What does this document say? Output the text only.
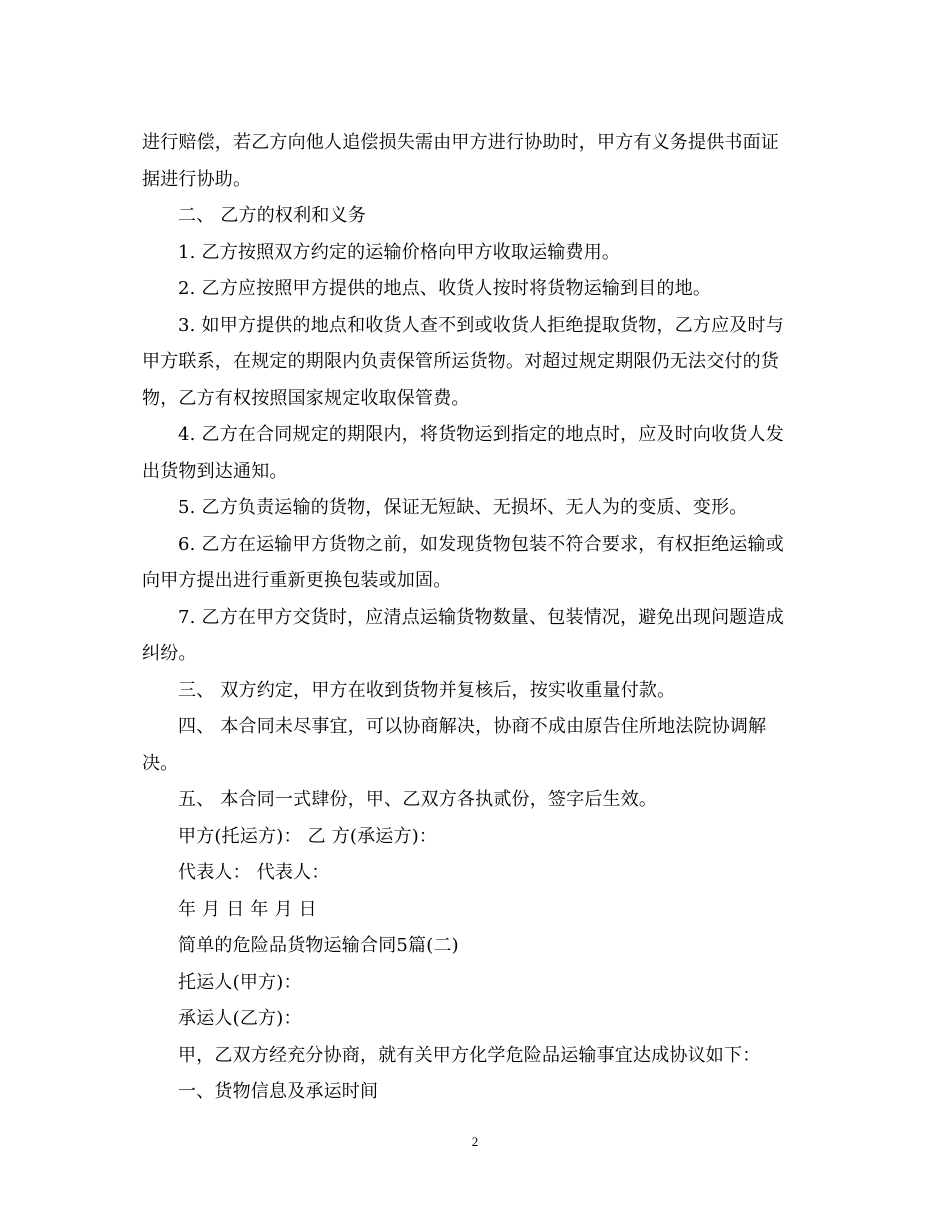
进行赔偿，若乙方向他人追偿损失需由甲方进行协助时，甲方有义务提供书面证
据进行协助。
二、 乙方的权利和义务
1. 乙方按照双方约定的运输价格向甲方收取运输费用。
2. 乙方应按照甲方提供的地点、收货人按时将货物运输到目的地。
3. 如甲方提供的地点和收货人查不到或收货人拒绝提取货物，乙方应及时与
甲方联系，在规定的期限内负责保管所运货物。对超过规定期限仍无法交付的货
物，乙方有权按照国家规定收取保管费。
4. 乙方在合同规定的期限内，将货物运到指定的地点时，应及时向收货人发
出货物到达通知。
5. 乙方负责运输的货物，保证无短缺、无损坏、无人为的变质、变形。
6. 乙方在运输甲方货物之前，如发现货物包装不符合要求，有权拒绝运输或
向甲方提出进行重新更换包装或加固。
7. 乙方在甲方交货时，应清点运输货物数量、包装情况，避免出现问题造成
纠纷。
三、 双方约定，甲方在收到货物并复核后，按实收重量付款。
四、 本合同未尽事宜，可以协商解决，协商不成由原告住所地法院协调解
决。
五、 本合同一式肆份，甲、乙双方各执贰份，签字后生效。
甲方(托运方)： 乙 方(承运方)：
代表人： 代表人：
年 月 日 年 月 日
简单的危险品货物运输合同5篇(二)
托运人(甲方)：
承运人(乙方)：
甲，乙双方经充分协商，就有关甲方化学危险品运输事宜达成协议如下：
一、货物信息及承运时间
2
